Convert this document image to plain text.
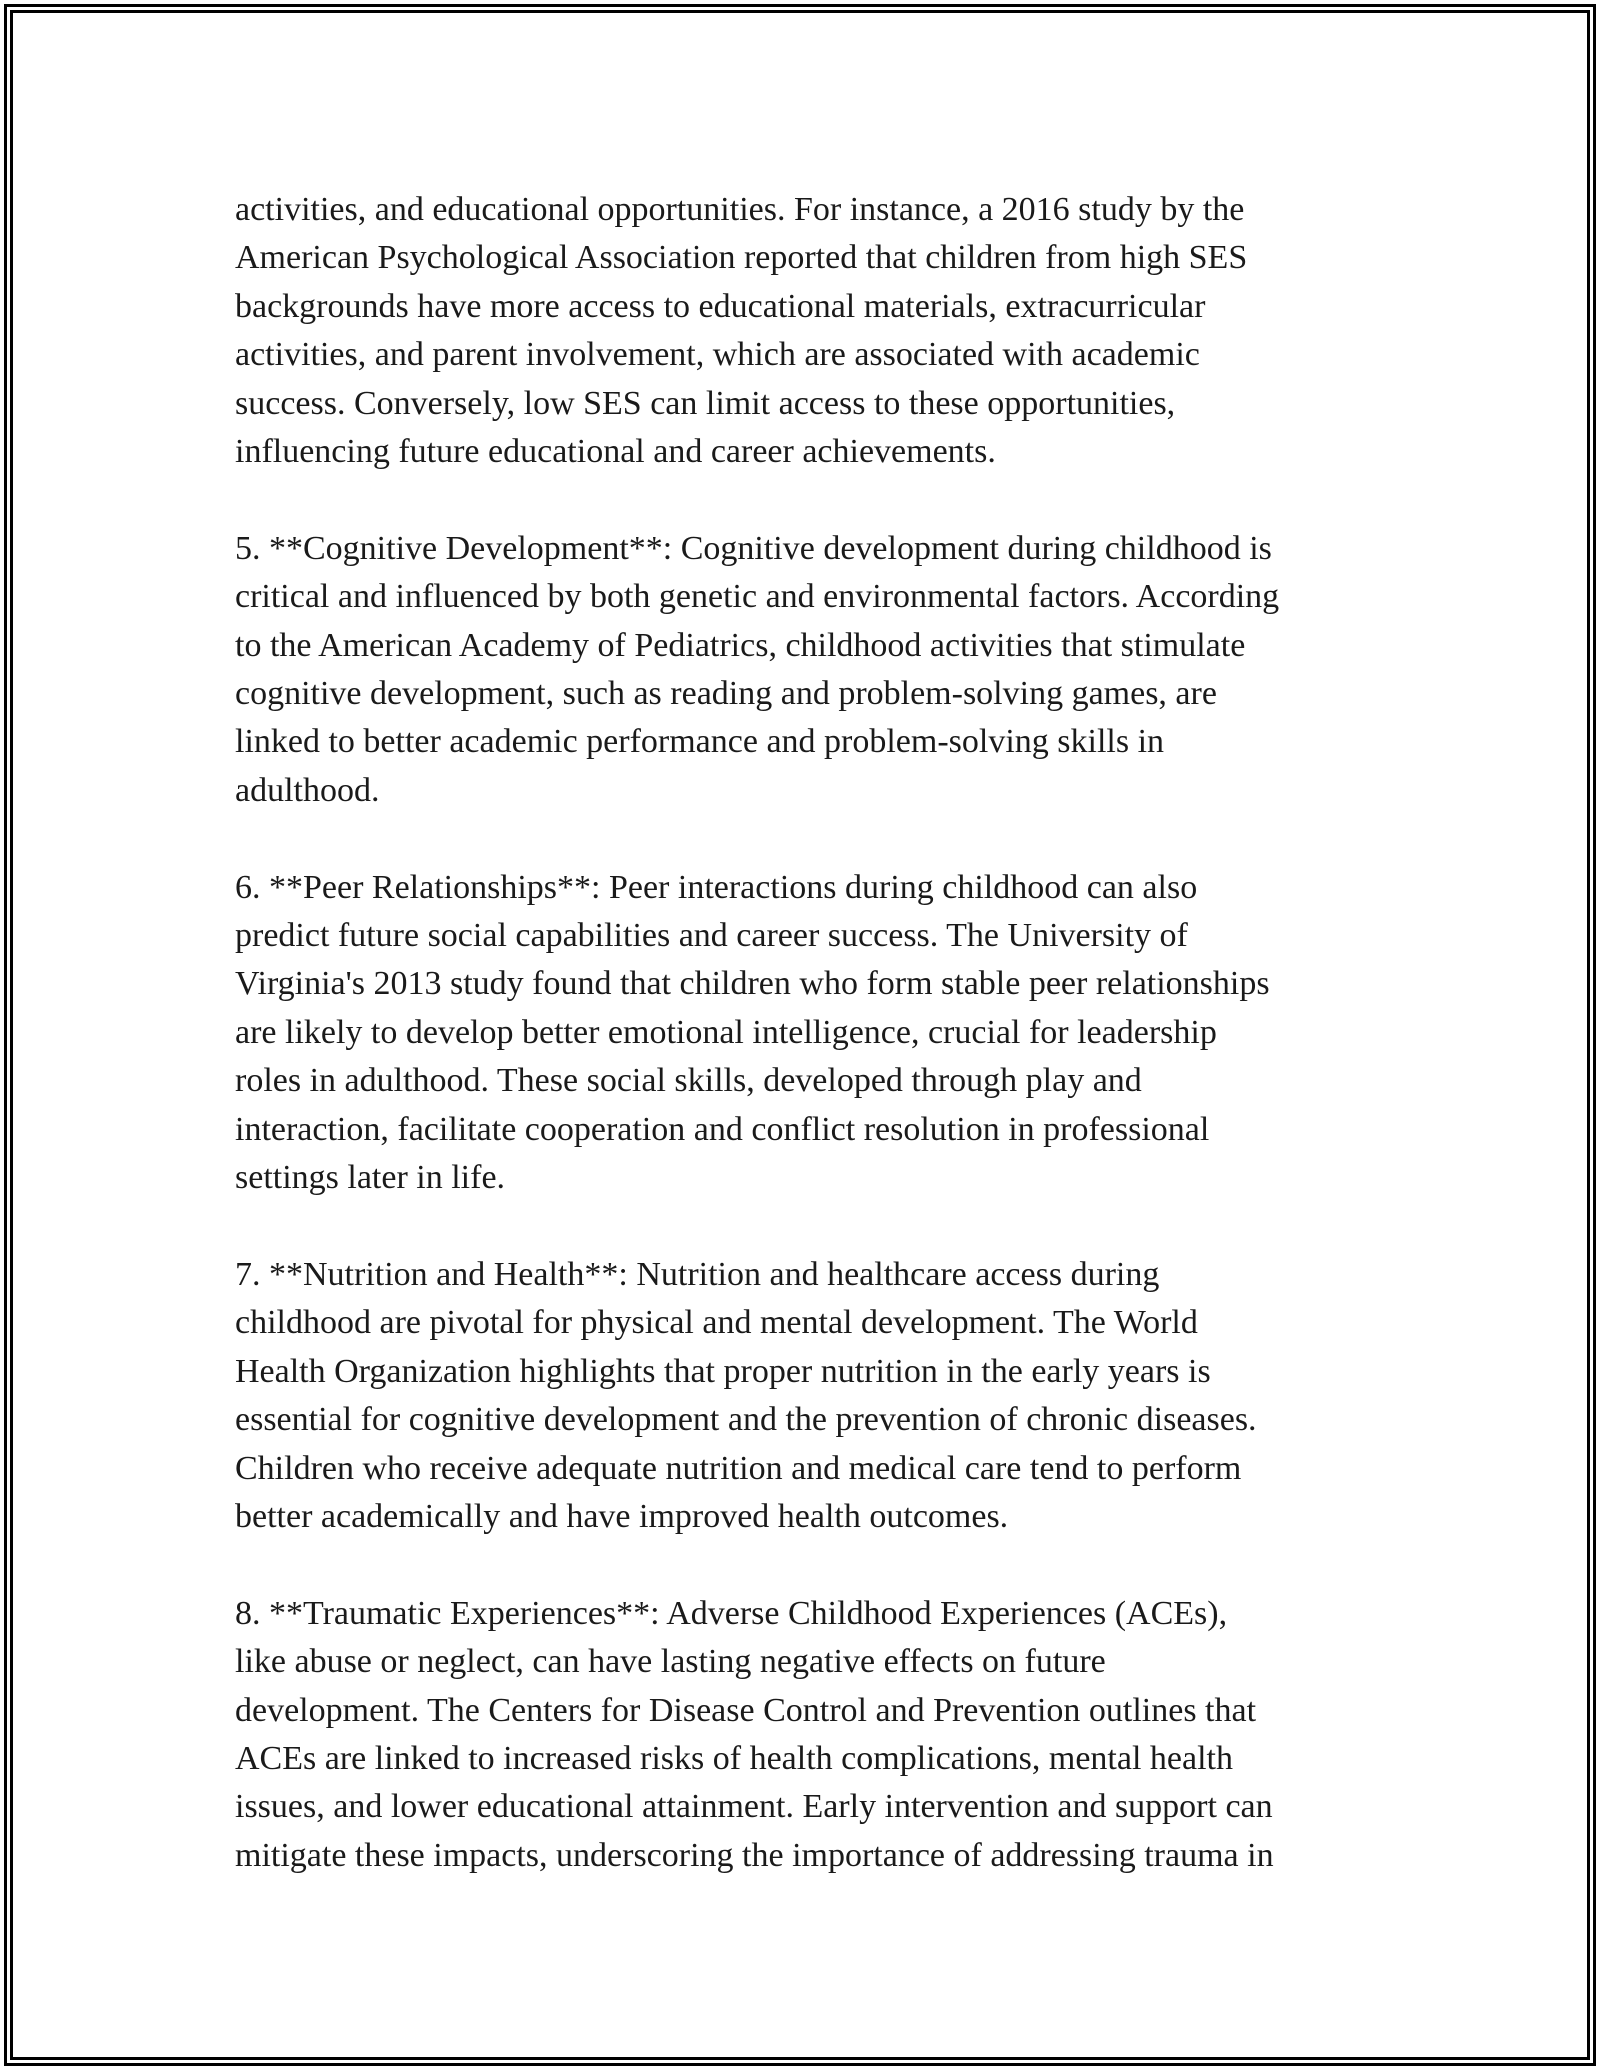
activities, and educational opportunities. For instance, a 2016 study by the
American Psychological Association reported that children from high SES
backgrounds have more access to educational materials, extracurricular
activities, and parent involvement, which are associated with academic
success. Conversely, low SES can limit access to these opportunities,
influencing future educational and career achievements.

5. **Cognitive Development**: Cognitive development during childhood is
critical and influenced by both genetic and environmental factors. According
to the American Academy of Pediatrics, childhood activities that stimulate
cognitive development, such as reading and problem-solving games, are
linked to better academic performance and problem-solving skills in
adulthood.

6. **Peer Relationships**: Peer interactions during childhood can also
predict future social capabilities and career success. The University of
Virginia's 2013 study found that children who form stable peer relationships
are likely to develop better emotional intelligence, crucial for leadership
roles in adulthood. These social skills, developed through play and
interaction, facilitate cooperation and conflict resolution in professional
settings later in life.

7. **Nutrition and Health**: Nutrition and healthcare access during
childhood are pivotal for physical and mental development. The World
Health Organization highlights that proper nutrition in the early years is
essential for cognitive development and the prevention of chronic diseases.
Children who receive adequate nutrition and medical care tend to perform
better academically and have improved health outcomes.

8. **Traumatic Experiences**: Adverse Childhood Experiences (ACEs),
like abuse or neglect, can have lasting negative effects on future
development. The Centers for Disease Control and Prevention outlines that
ACEs are linked to increased risks of health complications, mental health
issues, and lower educational attainment. Early intervention and support can
mitigate these impacts, underscoring the importance of addressing trauma in
